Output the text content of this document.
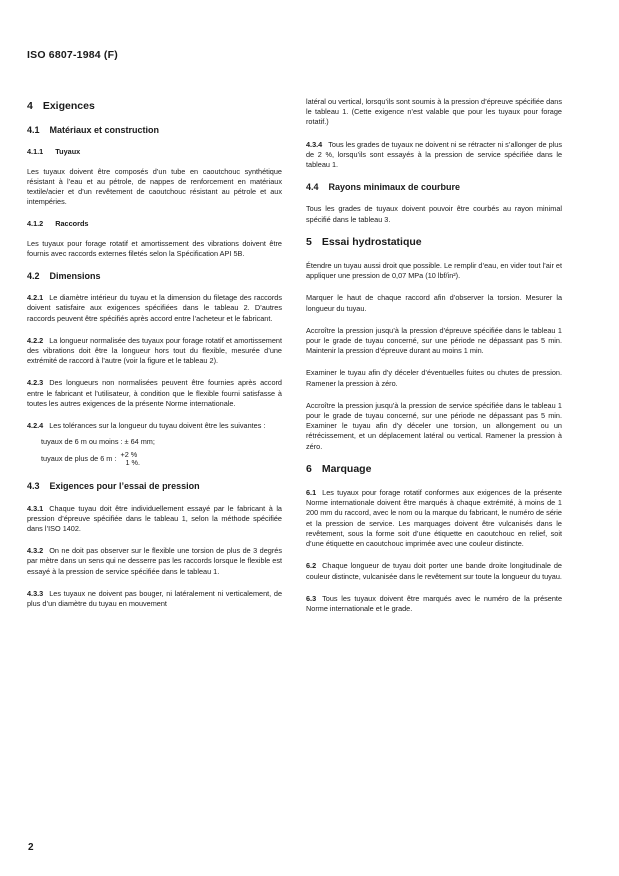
ISO 6807-1984 (F)
4 Exigences
4.1 Matériaux et construction
4.1.1 Tuyaux

Les tuyaux doivent être composés d’un tube en caoutchouc synthétique résistant à l’eau et au pétrole, de nappes de renforcement en matériaux textile/acier et d’un revêtement de caoutchouc résistant au pétrole et aux intempéries.

4.1.2 Raccords

Les tuyaux pour forage rotatif et amortissement des vibrations doivent être fournis avec raccords externes filetés selon la Spécification API 5B.

4.2 Dimensions

4.2.1 Le diamètre intérieur du tuyau et la dimension du filetage des raccords doivent satisfaire aux exigences spécifiées dans le tableau 2. D’autres raccords peuvent être spécifiés après accord entre l’acheteur et le fabricant.

4.2.2 La longueur normalisée des tuyaux pour forage rotatif et amortissement des vibrations doit être la longueur hors tout du flexible, mesurée d’une extrémité de raccord à l’autre (voir la figure et le tableau 2).

4.2.3 Des longueurs non normalisées peuvent être fournies après accord entre le fabricant et l’utilisateur, à condition que le flexible fourni satisfasse à toutes les autres exigences de la présente Norme internationale.

4.2.4 Les tolérances sur la longueur du tuyau doivent être les suivantes :

tuyaux de 6 m ou moins : ± 64 mm;
tuyaux de plus de 6 m : +2 %
1 %.
4.3 Exigences pour l’essai de pression

4.3.1 Chaque tuyau doit être individuellement essayé par le fabricant à la pression d’épreuve spécifiée dans le tableau 1, selon la méthode spécifiée dans l’ISO 1402.

4.3.2 On ne doit pas observer sur le flexible une torsion de plus de 3 degrés par mètre dans un sens qui ne desserre pas les raccords lorsque le flexible est essayé à la pression de service spécifiée dans le tableau 1.

4.3.3 Les tuyaux ne doivent pas bouger, ni latéralement ni verticalement, de plus d’un diamètre du tuyau en mouvement

latéral ou vertical, lorsqu’ils sont soumis à la pression d’épreuve spécifiée dans le tableau 1. (Cette exigence n’est valable que pour les tuyaux pour forage rotatif.)

4.3.4 Tous les grades de tuyaux ne doivent ni se rétracter ni s’allonger de plus de 2 %, lorsqu’ils sont essayés à la pression de service spécifiée dans le tableau 1.

4.4 Rayons minimaux de courbure

Tous les grades de tuyaux doivent pouvoir être courbés au rayon minimal spécifié dans le tableau 3.

5 Essai hydrostatique

Étendre un tuyau aussi droit que possible. Le remplir d’eau, en vider tout l’air et appliquer une pression de 0,07 MPa (10 lbf/in²).

Marquer le haut de chaque raccord afin d’observer la torsion. Mesurer la longueur du tuyau.

Accroître la pression jusqu’à la pression d’épreuve spécifiée dans le tableau 1 pour le grade de tuyau concerné, sur une période ne dépassant pas 5 min. Maintenir la pression d’épreuve durant au moins 1 min.

Examiner le tuyau afin d’y déceler d’éventuelles fuites ou chutes de pression. Ramener la pression à zéro.

Accroître la pression jusqu’à la pression de service spécifiée dans le tableau 1 pour le grade de tuyau concerné, sur une période ne dépassant pas 5 min. Examiner le tuyau afin d’y déceler une torsion, un allongement ou un rétrécissement, et un déplacement latéral ou vertical. Ramener la pression à zéro.

6 Marquage

6.1 Les tuyaux pour forage rotatif conformes aux exigences de la présente Norme internationale doivent être marqués à chaque extrémité, à moins de 1 200 mm du raccord, avec le nom ou la marque du fabricant, le numéro de série et la pression de service. Les marquages doivent être vulcanisés dans le revêtement, sous la forme soit d’une étiquette en caoutchouc en relief, soit d’une étiquette en caoutchouc imprimée avec une couleur distincte.

6.2 Chaque longueur de tuyau doit porter une bande droite longitudinale de couleur distincte, vulcanisée dans le revêtement sur toute la longueur du tuyau.

6.3 Tous les tuyaux doivent être marqués avec le numéro de la présente Norme internationale et le grade.

2
